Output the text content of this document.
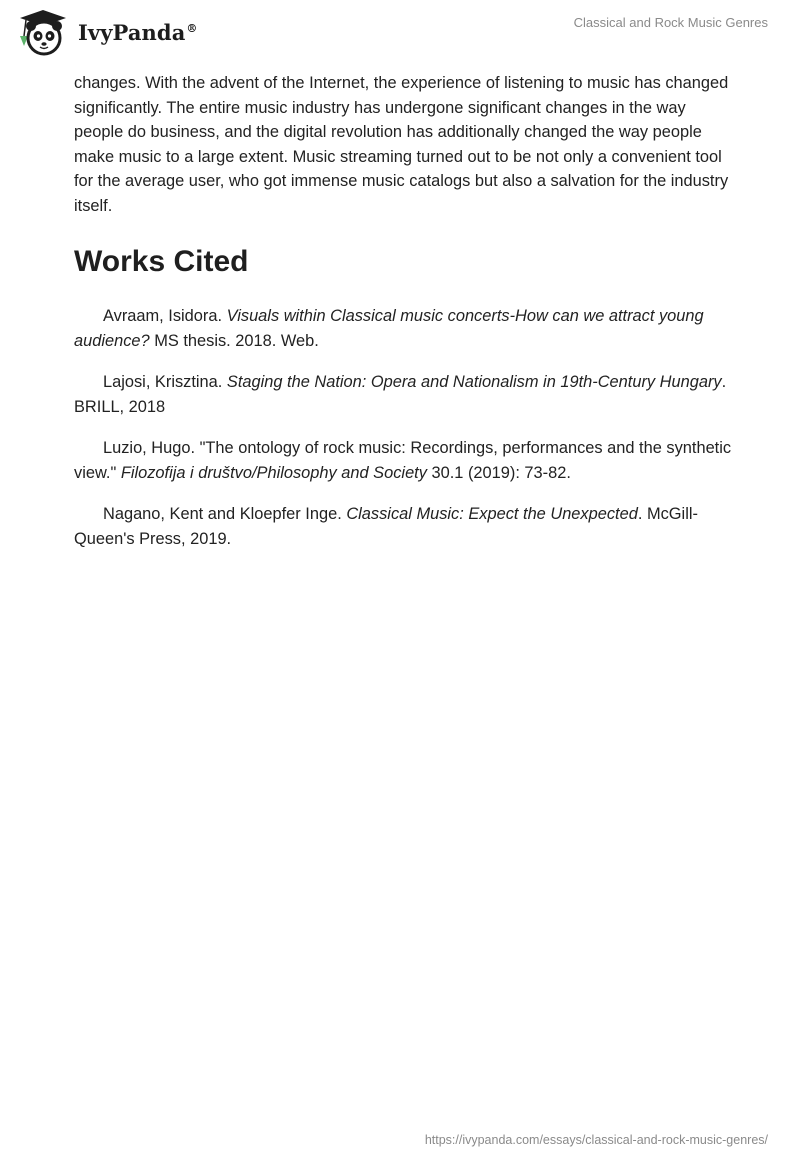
IvyPanda®	Classical and Rock Music Genres

changes. With the advent of the Internet, the experience of listening to music has changed significantly. The entire music industry has undergone significant changes in the way people do business, and the digital revolution has additionally changed the way people make music to a large extent. Music streaming turned out to be not only a convenient tool for the average user, who got immense music catalogs but also a salvation for the industry itself.

Works Cited

Avraam, Isidora. Visuals within Classical music concerts-How can we attract young audience? MS thesis. 2018. Web.

Lajosi, Krisztina. Staging the Nation: Opera and Nationalism in 19th-Century Hungary. BRILL, 2018

Luzio, Hugo. "The ontology of rock music: Recordings, performances and the synthetic view." Filozofija i društvo/Philosophy and Society 30.1 (2019): 73-82.

Nagano, Kent and Kloepfer Inge. Classical Music: Expect the Unexpected. McGill-Queen's Press, 2019.

https://ivypanda.com/essays/classical-and-rock-music-genres/
